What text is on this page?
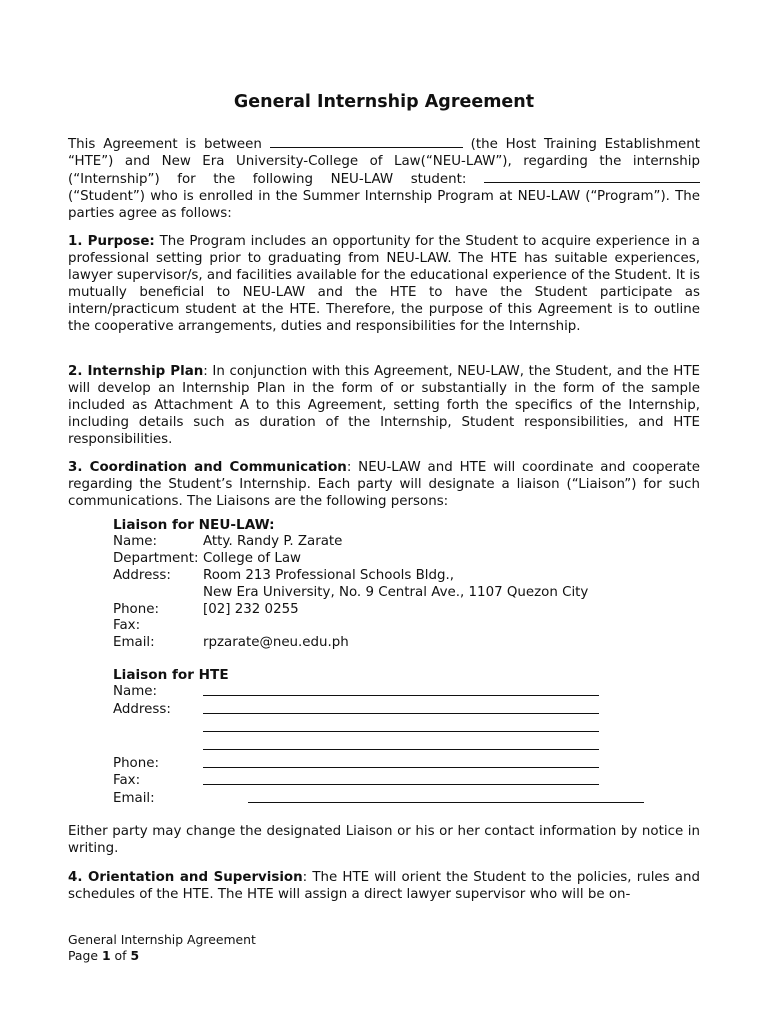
General Internship Agreement

This Agreement is between	(the Host Training Establishment “HTE”) and New Era University-College of Law(“NEU-LAW”), regarding the internship (“Internship”) for the following NEU-LAW student:  (“Student”) who is enrolled in the Summer Internship Program at NEU-LAW (“Program”). The parties agree as follows:

1. Purpose: The Program includes an opportunity for the Student to acquire experience in a professional setting prior to graduating from NEU-LAW. The HTE has suitable experiences, lawyer supervisor/s, and facilities available for the educational experience of the Student. It is mutually beneficial to NEU-LAW and the HTE to have the Student participate as intern/practicum student at the HTE. Therefore, the purpose of this Agreement is to outline the cooperative arrangements, duties and responsibilities for the Internship.

2. Internship Plan: In conjunction with this Agreement, NEU-LAW, the Student, and the HTE will develop an Internship Plan in the form of or substantially in the form of the sample included as Attachment A to this Agreement, setting forth the specifics of the Internship, including details such as duration of the Internship, Student responsibilities, and HTE responsibilities.

3. Coordination and Communication: NEU-LAW and HTE will coordinate and cooperate regarding the Student’s Internship. Each party will designate a liaison (“Liaison”) for such communications. The Liaisons are the following persons:

Liaison for NEU-LAW:
Name:	Atty. Randy P. Zarate
Department: College of Law
Address:	Room 213 Professional Schools Bldg.,
New Era University, No. 9 Central Ave., 1107 Quezon City
Phone:	[02] 232 0255
Fax:
Email:	rpzarate@neu.edu.ph
Liaison for HTE
Name:
Address:
Phone:
Fax:
Email:

Either party may change the designated Liaison or his or her contact information by notice in writing.

4. Orientation and Supervision: The HTE will orient the Student to the policies, rules and schedules of the HTE. The HTE will assign a direct lawyer supervisor who will be on-

General Internship Agreement
Page 1 of 5
